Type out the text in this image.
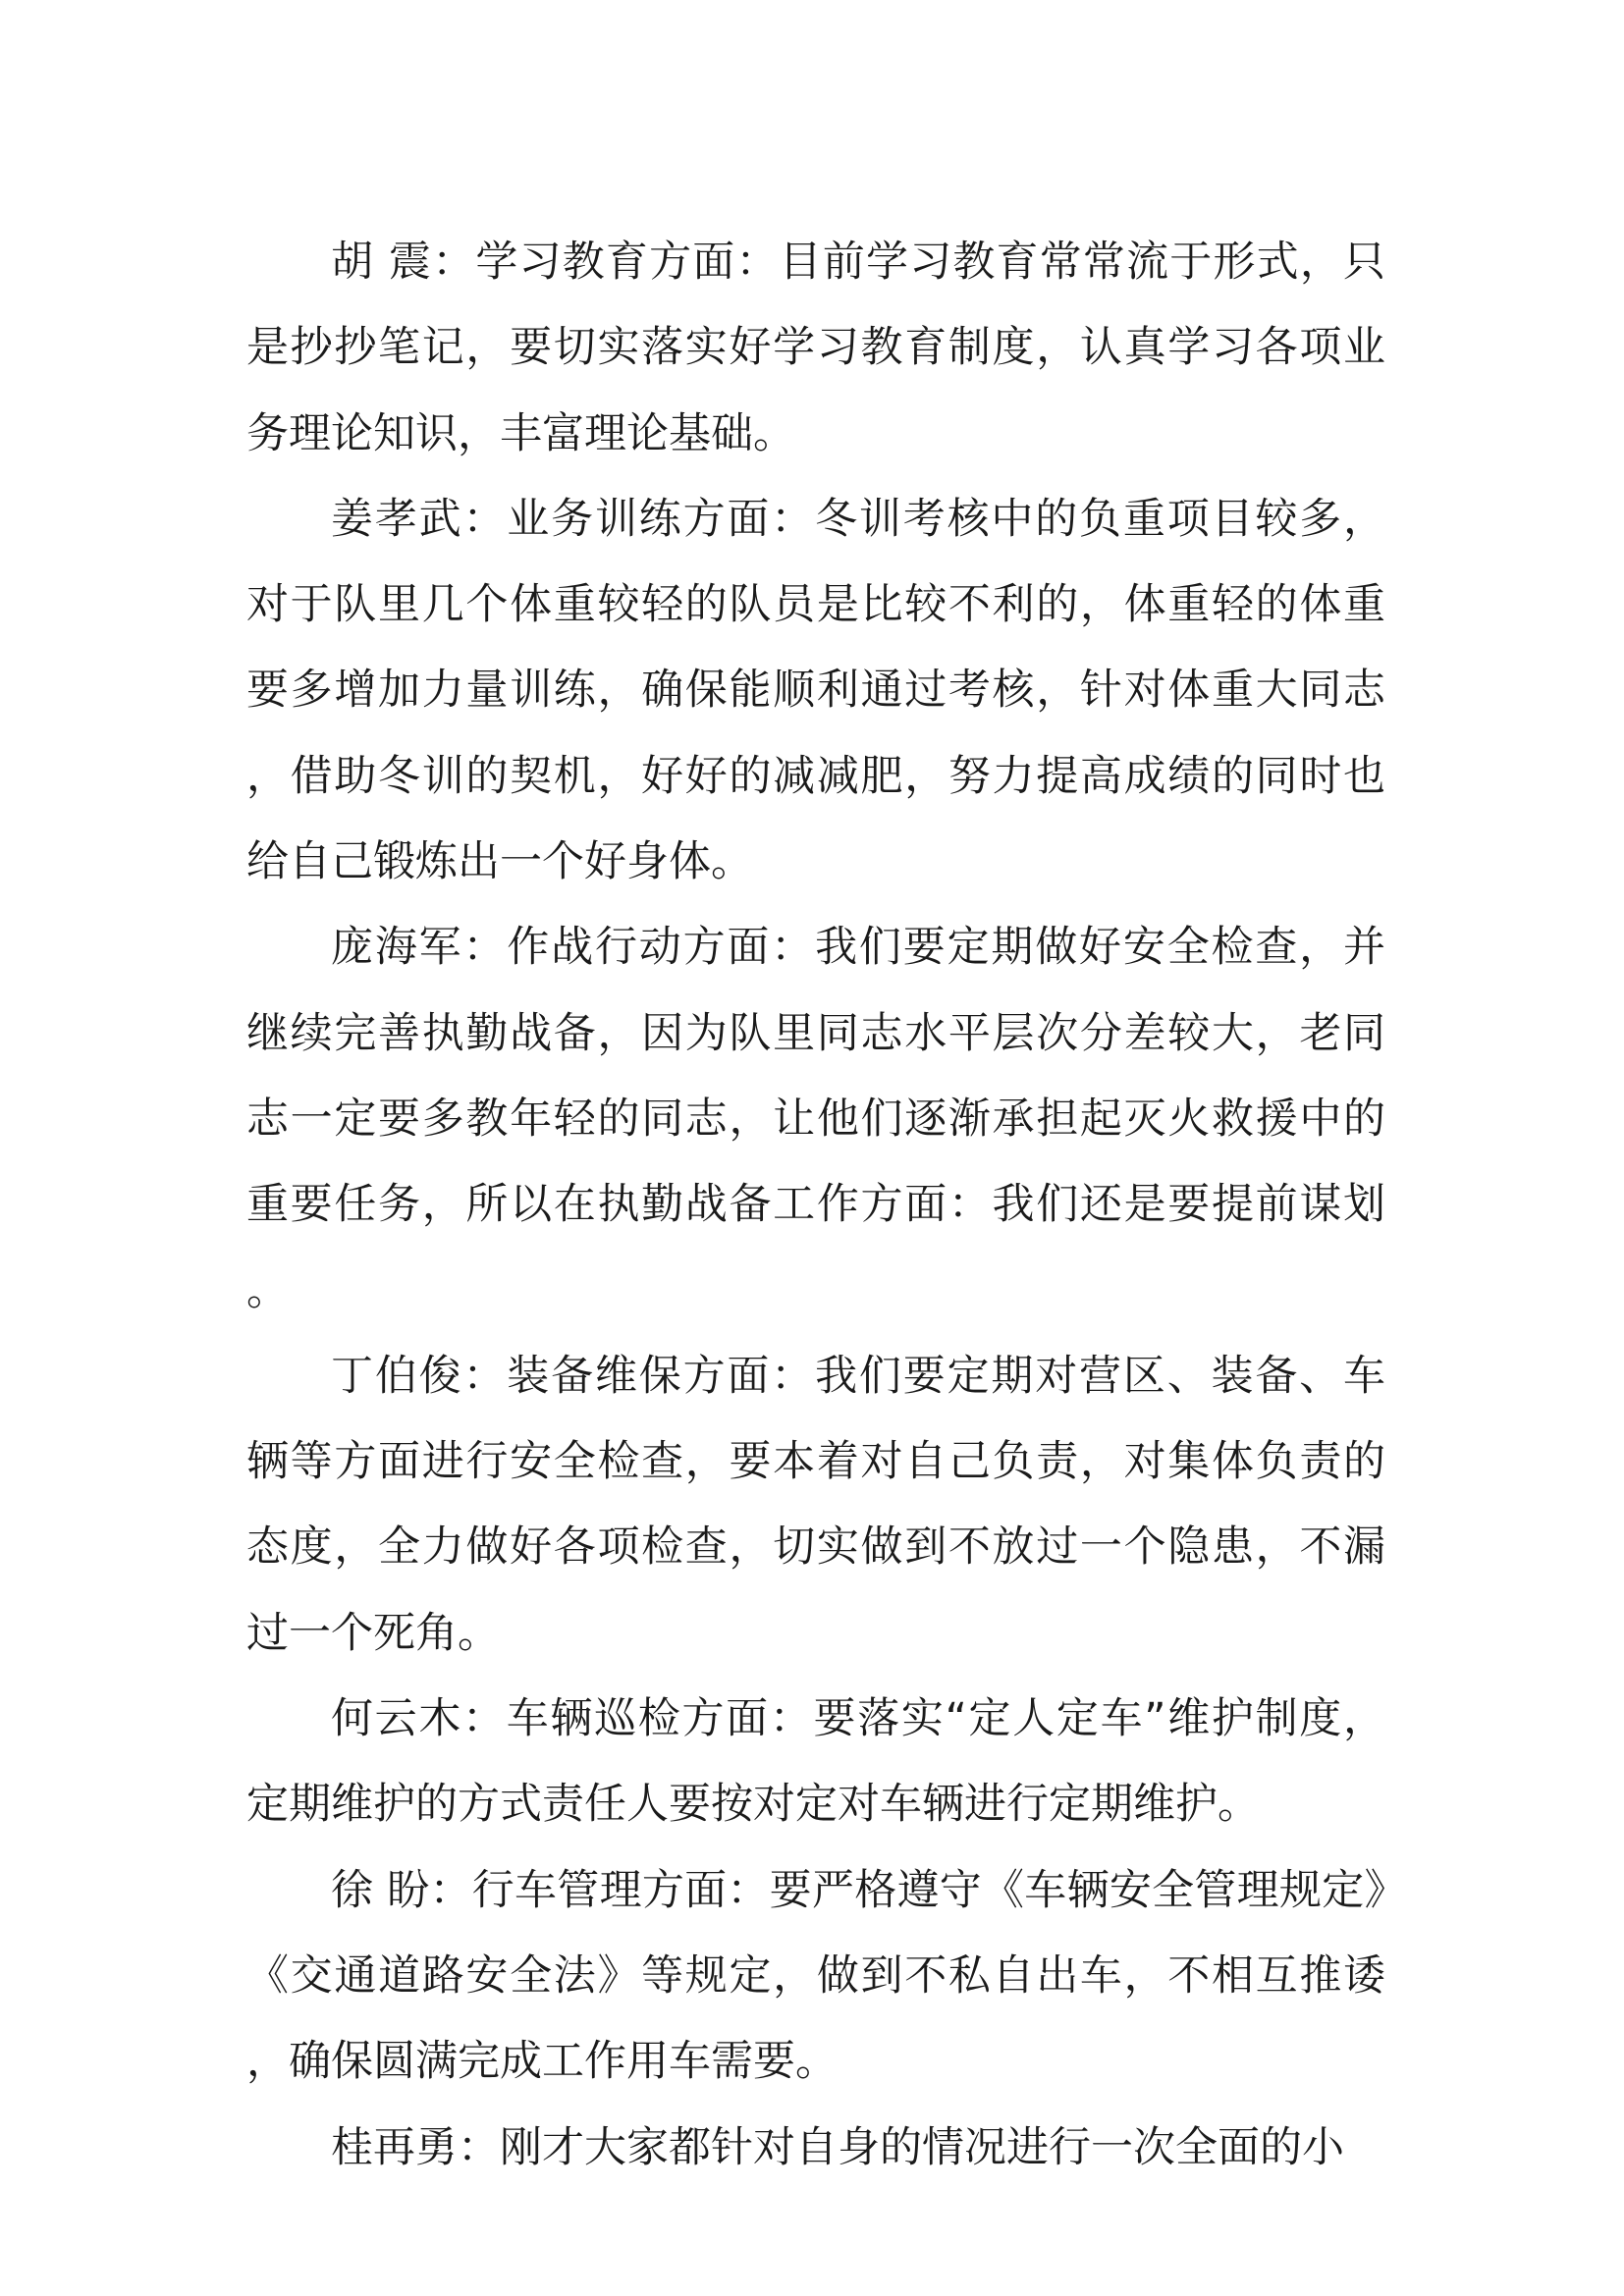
胡 震：学习教育方面：目前学习教育常常流于形式，只是抄抄笔记，要切实落实好学习教育制度，认真学习各项业务理论知识，丰富理论基础。

姜孝武：业务训练方面：冬训考核中的负重项目较多，对于队里几个体重较轻的队员是比较不利的，体重轻的体重要多增加力量训练，确保能顺利通过考核，针对体重大同志，借助冬训的契机，好好的减减肥，努力提高成绩的同时也给自己锻炼出一个好身体。

庞海军：作战行动方面：我们要定期做好安全检查，并继续完善执勤战备，因为队里同志水平层次分差较大，老同志一定要多教年轻的同志，让他们逐渐承担起灭火救援中的重要任务，所以在执勤战备工作方面：我们还是要提前谋划。

丁伯俊：装备维保方面：我们要定期对营区、装备、车辆等方面进行安全检查，要本着对自己负责，对集体负责的态度，全力做好各项检查，切实做到不放过一个隐患，不漏过一个死角。

何云木：车辆巡检方面：要落实“定人定车”维护制度，定期维护的方式责任人要按对定对车辆进行定期维护。

徐 盼：行车管理方面：要严格遵守《车辆安全管理规定》《交通道路安全法》等规定，做到不私自出车，不相互推诿，确保圆满完成工作用车需要。

桂再勇：刚才大家都针对自身的情况进行一次全面的小
